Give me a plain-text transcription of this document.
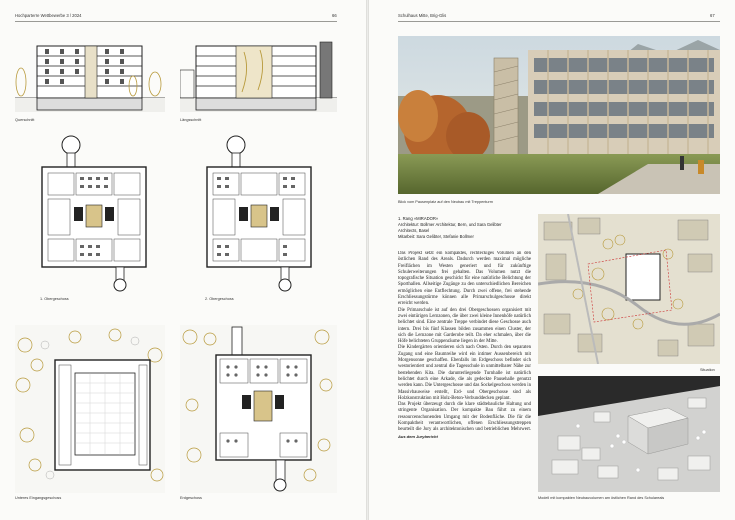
Hochparterre Wettbewerbe 3 / 2024	66
Querschnitt	Längsschnitt
1. Obergeschoss	2. Obergeschoss
Unteres Eingangsgeschoss	Erdgeschoss
Schulhaus Mitte, Brig-Glis	67
Blick vom Pausenplatz auf den Neubau mit Treppenturm
1. Rang «MIRADOR»
Architektur: Bollmer Architektur, Bern, und Sara Gelibter
Architects, Basel
Mitarbeit: Sara Gelibter, Stefanie Bollmer

Das Projekt setzt ein kompaktes, rechteckiges Volumen an den östlichen Rand des Areals. Dadurch werden maximal mögliche Freiflächen im Westen generiert und für zukünftige Schulerweiterungen frei gehalten. Das Volumen nutzt die topografische Situation geschickt für eine natürliche Belichtung der Sporthallen. Allseitige Zugänge zu den unterschiedlichen Bereichen ermöglichen eine Entflechtung. Durch zwei offene, frei stehende Erschliessungstürme können alle Primarschulgeschosse direkt erreicht werden.

Die Primarschule ist auf den drei Obergeschossen organisiert mit zwei eintürigen Lernzonen, die über zwei kleine Innenhöfe natürlich belichtet sind. Eine zentrale Treppe verbindet diese Geschosse auch intern. Drei bis fünf Klassen bilden zusammen einen Cluster, der sich die Lernzone mit Garderobe teilt. Da eher schmalen, über die Höfe belichteten Gruppenräume liegen in der Mitte.

Die Kindergärten orientieren sich nach Osten. Durch den separaten Zugang und eine Baumreihe wird ein intimer Aussenbereich mit Morgensonne geschaffen. Ebenfalls im Erdgeschoss befindet sich westorientiert und zentral die Tagesschule in unmittelbarer Nähe zur bestehenden Kita. Die darunterliegende Turnhalle ist natürlich belichtet durch eine Arkade, die als gedeckte Pausehalle genutzt werden kann. Die Untergeschosse und das Sockelgeschoss werden in Massivbauweise erstellt, Erd- und Obergeschosse sind als Holzkonstruktion mit Holz-Beton-Verbunddecken geplant.

Das Projekt überzeugt durch die klare städtebauliche Haltung und stringente Organisation. Der kompakte Bau führt zu einem ressourcenschonenden Umgang mit der Bodenfläche. Die für die Kompaktheit verantwortlichen, offenen Erschliessungstreppen beurteilt die Jury als architektonischen und betrieblichen Mehrwert. Aus dem Jurybericht

Situation
Modell mit kompakten Neubauvolumen am östlichen Rand des Schulareals
